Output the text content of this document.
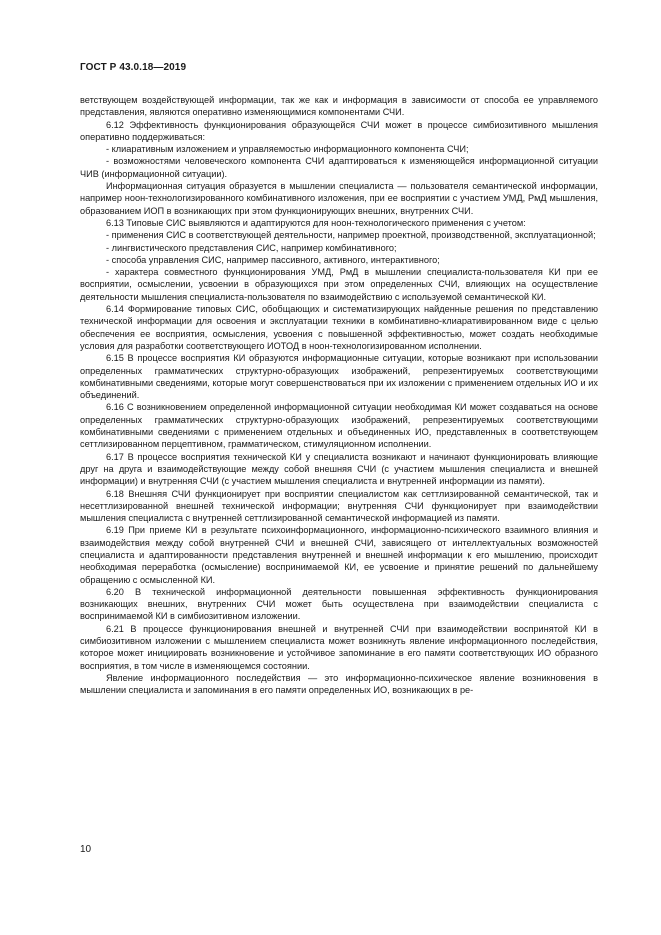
ГОСТ Р 43.0.18—2019

ветствующем воздействующей информации, так же как и информация в зависимости от способа ее управляемого представления, являются оперативно изменяющимися компонентами СЧИ.

6.12 Эффективность функционирования образующейся СЧИ может в процессе симбиозитивного мышления оперативно поддерживаться:

- клиаративным изложением и управляемостью информационного компонента СЧИ;

- возможностями человеческого компонента СЧИ адаптироваться к изменяющейся информационной ситуации ЧИВ (информационной ситуации).

Информационная ситуация образуется в мышлении специалиста — пользователя семантической информации, например ноон-технологизированного комбинативного изложения, при ее восприятии с участием УМД, РмД мышления, образованием ИОП в возникающих при этом функционирующих внешних, внутренних СЧИ.

6.13 Типовые СИС выявляются и адаптируются для ноон-технологического применения с учетом:

- применения СИС в соответствующей деятельности, например проектной, производственной, эксплуатационной;

- лингвистического представления СИС, например комбинативного;

- способа управления СИС, например пассивного, активного, интерактивного;

- характера совместного функционирования УМД, РмД в мышлении специалиста-пользователя КИ при ее восприятии, осмыслении, усвоении в образующихся при этом определенных СЧИ, влияющих на осуществление деятельности мышления специалиста-пользователя по взаимодействию с используемой семантической КИ.

6.14 Формирование типовых СИС, обобщающих и систематизирующих найденные решения по представлению технической информации для освоения и эксплуатации техники в комбинативно-клиаративированном виде с целью обеспечения ее восприятия, осмысления, усвоения с повышенной эффективностью, может создать необходимые условия для разработки соответствующего ИОТОД в ноон-технологизированном исполнении.

6.15 В процессе восприятия КИ образуются информационные ситуации, которые возникают при использовании определенных грамматических структурно-образующих изображений, репрезентируемых соответствующими комбинативными сведениями, которые могут совершенствоваться при их изложении с применением отдельных ИО и их объединений.

6.16 С возникновением определенной информационной ситуации необходимая КИ может создаваться на основе определенных грамматических структурно-образующих изображений, репрезентируемых соответствующими комбинативными сведениями с применением отдельных и объединенных ИО, представленных в соответствующем сеттлизированном перцептивном, грамматическом, стимуляционном исполнении.

6.17 В процессе восприятия технической КИ у специалиста возникают и начинают функционировать влияющие друг на друга и взаимодействующие между собой внешняя СЧИ (с участием мышления специалиста и внешней информации) и внутренняя СЧИ (с участием мышления специалиста и внутренней информации из памяти).

6.18 Внешняя СЧИ функционирует при восприятии специалистом как сеттлизированной семантической, так и несеттлизированной внешней технической информации; внутренняя СЧИ функционирует при взаимодействии мышления специалиста с внутренней сеттлизированной семантической информацией из памяти.

6.19 При приеме КИ в результате психоинформационного, информационно-психического взаимного влияния и взаимодействия между собой внутренней СЧИ и внешней СЧИ, зависящего от интеллектуальных возможностей специалиста и адаптированности представления внутренней и внешней информации к его мышлению, происходит необходимая переработка (осмысление) воспринимаемой КИ, ее усвоение и принятие решений по дальнейшему обращению с осмысленной КИ.

6.20 В технической информационной деятельности повышенная эффективность функционирования возникающих внешних, внутренних СЧИ может быть осуществлена при взаимодействии специалиста с воспринимаемой КИ в симбиозитивном изложении.

6.21 В процессе функционирования внешней и внутренней СЧИ при взаимодействии воспринятой КИ в симбиозитивном изложении с мышлением специалиста может возникнуть явление информационного последействия, которое может инициировать возникновение и устойчивое запоминание в его памяти соответствующих ИО образного восприятия, в том числе в изменяющемся состоянии.

Явление информационного последействия — это информационно-психическое явление возникновения в мышлении специалиста и запоминания в его памяти определенных ИО, возникающих в ре-

10
